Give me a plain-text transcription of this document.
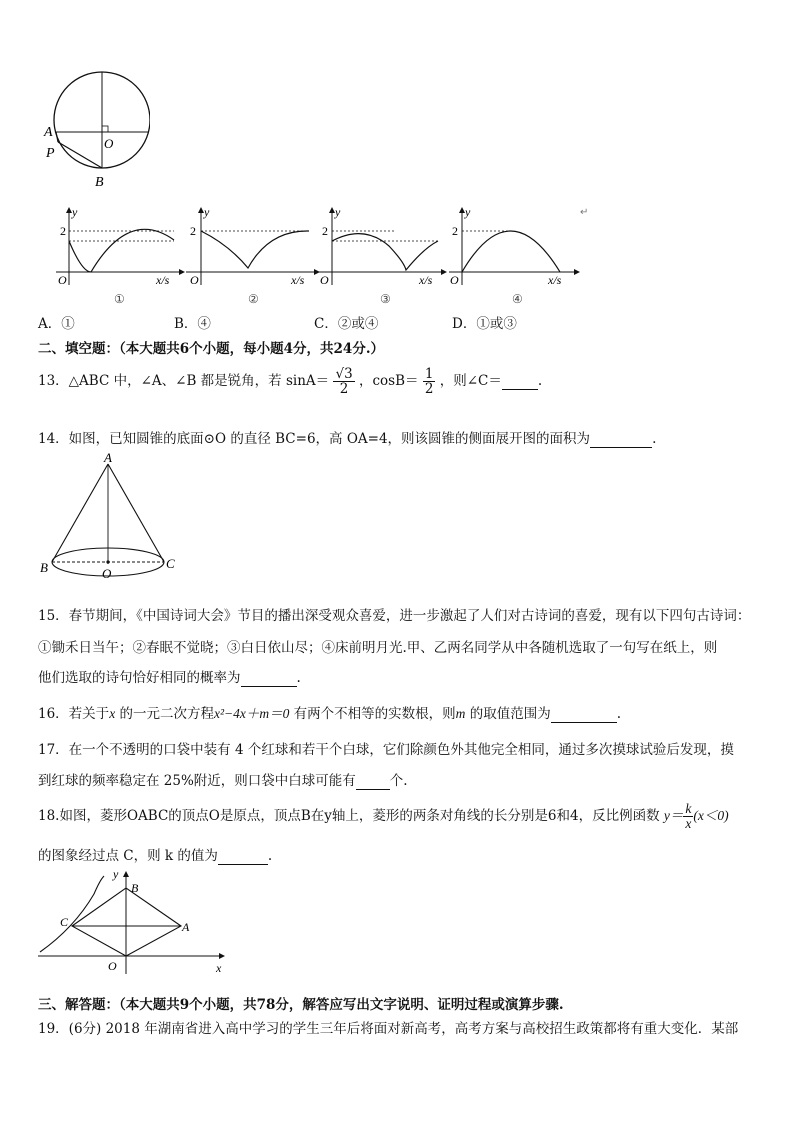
A
P
O
B
y
2
O	x/s
①
y
2
O	x/s
②
y
2
O	x/s
③
y
2
O	x/s
④
↵
A．①	B．④	C．②或④	D．①或③
二、填空题：（本大题共6个小题，每小题4分，共24分.）
13．△ABC 中，∠A、∠B 都是锐角，若 $\sin A= \frac{√3}{2}$ ，$\cos B= \frac{1}{2}$ ，则∠C＝	.
14．如图，已知圆锥的底面⊙O 的直径 BC=6，高 OA=4，则该圆锥的侧面展开图的面积为	.
A
B	C
O
15．春节期间，《中国诗词大会》节目的播出深受观众喜爱，进一步激起了人们对古诗词的喜爱，现有以下四句古诗词：
①锄禾日当午；②春眠不觉晓；③白日依山尽；④床前明月光.甲、乙两名同学从中各随机选取了一句写在纸上，则
他们选取的诗句恰好相同的概率为	.
16．若关于x 的一元二次方程x²−4x＋m＝0 有两个不相等的实数根，则m 的取值范围为	.
17．在一个不透明的口袋中装有 4 个红球和若干个白球，它们除颜色外其他完全相同，通过多次摸球试验后发现，摸
到红球的频率稳定在 25%附近，则口袋中白球可能有	个.
18.如图，菱形OABC的顶点O是原点，顶点B在y轴上，菱形的两条对角线的长分别是6和4，反比例函数 $y= \frac{k}{x} (x<0)$
的图象经过点 C，则 k 的值为	.
y
B
C	A
O	x
三、解答题：（本大题共9个小题，共78分，解答应写出文字说明、证明过程或演算步骤.
19．(6分) 2018 年湖南省进入高中学习的学生三年后将面对新高考，高考方案与高校招生政策都将有重大变化．某部
